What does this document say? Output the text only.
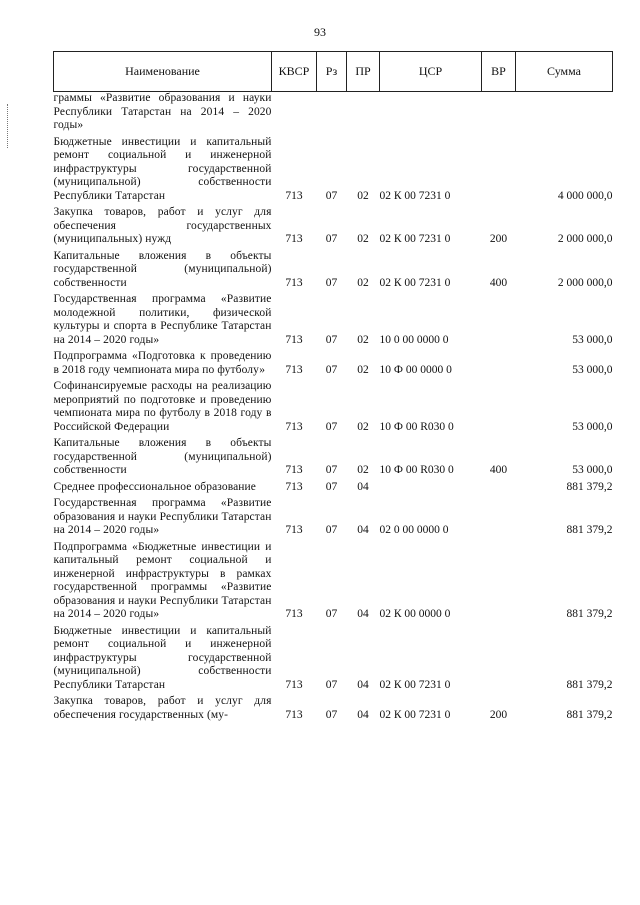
93
Наименование	КВСР	Рз	ПР	ЦСР	ВР	Сумма
граммы «Развитие образования и науки Республики Татарстан на 2014 – 2020 годы»						
Бюджетные инвестиции и капитальный ремонт социальной и инженерной инфраструктуры государственной (муниципальной) собственности Республики Татарстан	713	07	02	02 К 00 7231 0		4 000 000,0
Закупка товаров, работ и услуг для обеспечения государственных (муниципальных) нужд	713	07	02	02 К 00 7231 0	200	2 000 000,0
Капитальные вложения в объекты государственной (муниципальной) собственности	713	07	02	02 К 00 7231 0	400	2 000 000,0
Государственная программа «Развитие молодежной политики, физической культуры и спорта в Республике Татарстан на 2014 – 2020 годы»	713	07	02	10 0 00 0000 0		53 000,0
Подпрограмма «Подготовка к проведению в 2018 году чемпионата мира по футболу»	713	07	02	10 Ф 00 0000 0		53 000,0
Софинансируемые расходы на реализацию мероприятий по подготовке и проведению чемпионата мира по футболу в 2018 году в Российской Федерации	713	07	02	10 Ф 00 R030 0		53 000,0
Капитальные вложения в объекты государственной (муниципальной) собственности	713	07	02	10 Ф 00 R030 0	400	53 000,0
Среднее профессиональное образование	713	07	04			881 379,2
Государственная программа «Развитие образования и науки Республики Татарстан на 2014 – 2020 годы»	713	07	04	02 0 00 0000 0		881 379,2
Подпрограмма «Бюджетные инвестиции и капитальный ремонт социальной и инженерной инфраструктуры в рамках государственной программы «Развитие образования и науки Республики Татарстан на 2014 – 2020 годы»	713	07	04	02 К 00 0000 0		881 379,2
Бюджетные инвестиции и капитальный ремонт социальной и инженерной инфраструктуры государственной (муниципальной) собственности Республики Татарстан	713	07	04	02 К 00 7231 0		881 379,2
Закупка товаров, работ и услуг для обеспечения государственных (му-	713	07	04	02 К 00 7231 0	200	881 379,2
